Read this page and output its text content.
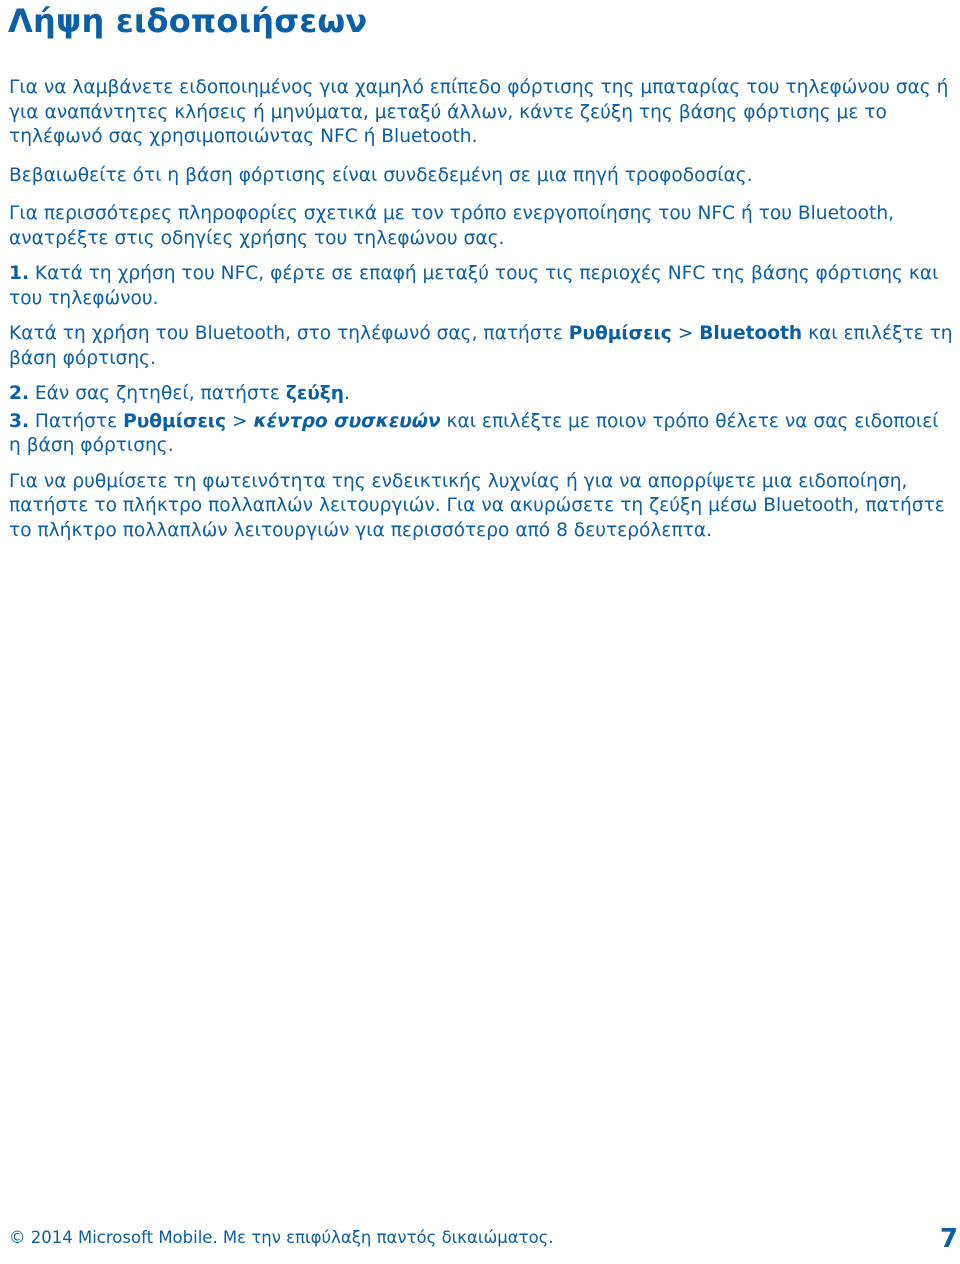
Λήψη ειδοποιήσεων

Για να λαμβάνετε ειδοποιημένος για χαμηλό επίπεδο φόρτισης της μπαταρίας του τηλεφώνου σας ή για αναπάντητες κλήσεις ή μηνύματα, μεταξύ άλλων, κάντε ζεύξη της βάσης φόρτισης με το τηλέφωνό σας χρησιμοποιώντας NFC ή Bluetooth.

Βεβαιωθείτε ότι η βάση φόρτισης είναι συνδεδεμένη σε μια πηγή τροφοδοσίας.

Για περισσότερες πληροφορίες σχετικά με τον τρόπο ενεργοποίησης του NFC ή του Bluetooth, ανατρέξτε στις οδηγίες χρήσης του τηλεφώνου σας.

1. Κατά τη χρήση του NFC, φέρτε σε επαφή μεταξύ τους τις περιοχές NFC της βάσης φόρτισης και του τηλεφώνου.

Κατά τη χρήση του Bluetooth, στο τηλέφωνό σας, πατήστε Ρυθμίσεις > Bluetooth και επιλέξτε τη βάση φόρτισης.

2. Εάν σας ζητηθεί, πατήστε ζεύξη.

3. Πατήστε Ρυθμίσεις > κέντρο συσκευών και επιλέξτε με ποιον τρόπο θέλετε να σας ειδοποιεί η βάση φόρτισης.

Για να ρυθμίσετε τη φωτεινότητα της ενδεικτικής λυχνίας ή για να απορρίψετε μια ειδοποίηση, πατήστε το πλήκτρο πολλαπλών λειτουργιών. Για να ακυρώσετε τη ζεύξη μέσω Bluetooth, πατήστε το πλήκτρο πολλαπλών λειτουργιών για περισσότερο από 8 δευτερόλεπτα.

© 2014 Microsoft Mobile. Με την επιφύλαξη παντός δικαιώματος.	7
